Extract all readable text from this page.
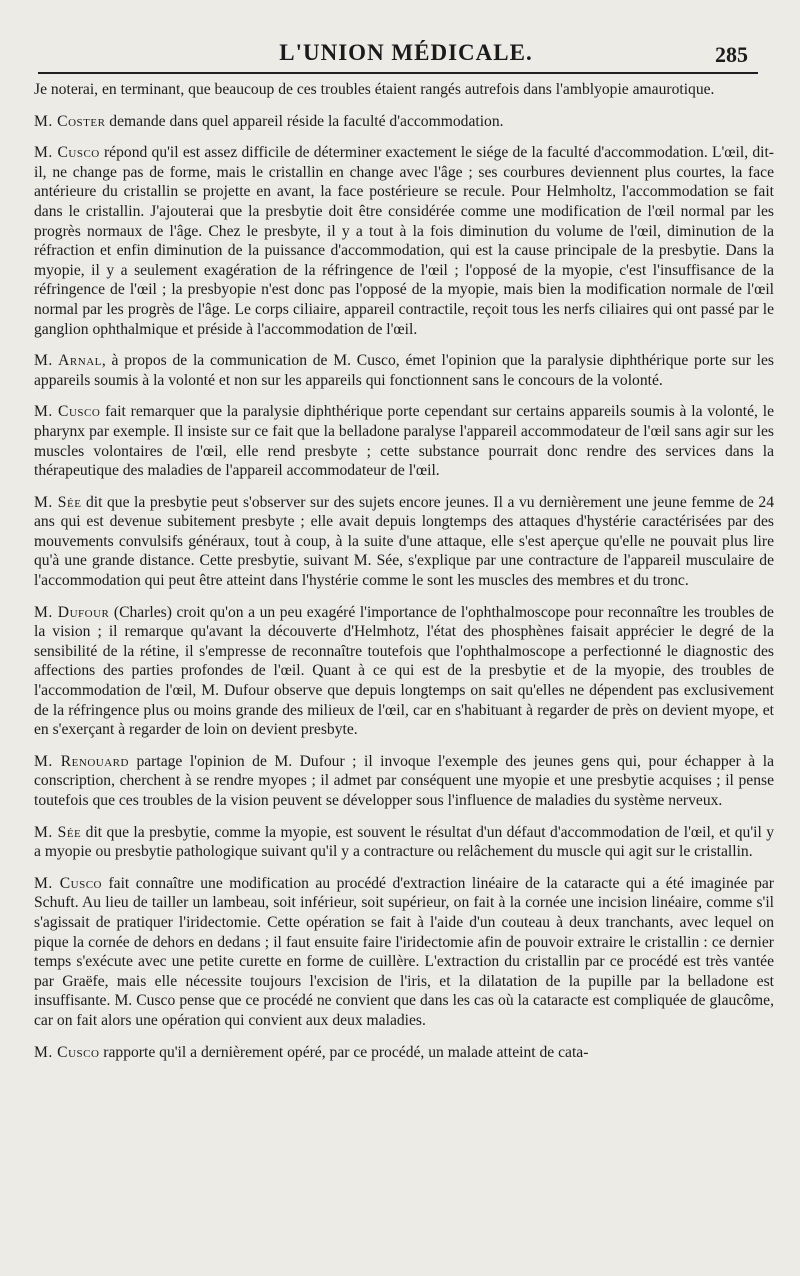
L'UNION MÉDICALE.	285

Je noterai, en terminant, que beaucoup de ces troubles étaient rangés autrefois dans l'amblyopie amaurotique.

M. Coster demande dans quel appareil réside la faculté d'accommodation.

M. Cusco répond qu'il est assez difficile de déterminer exactement le siége de la faculté d'accommodation. L'œil, dit-il, ne change pas de forme, mais le cristallin en change avec l'âge ; ses courbures deviennent plus courtes, la face antérieure du cristallin se projette en avant, la face postérieure se recule. Pour Helmholtz, l'accommodation se fait dans le cristallin. J'ajouterai que la presbytie doit être considérée comme une modification de l'œil normal par les progrès normaux de l'âge. Chez le presbyte, il y a tout à la fois diminution du volume de l'œil, diminution de la réfraction et enfin diminution de la puissance d'accommodation, qui est la cause principale de la presbytie. Dans la myopie, il y a seulement exagération de la réfringence de l'œil ; l'opposé de la myopie, c'est l'insuffisance de la réfringence de l'œil ; la presbyopie n'est donc pas l'opposé de la myopie, mais bien la modification normale de l'œil normal par les progrès de l'âge. Le corps ciliaire, appareil contractile, reçoit tous les nerfs ciliaires qui ont passé par le ganglion ophthalmique et préside à l'accommodation de l'œil.

M. Arnal, à propos de la communication de M. Cusco, émet l'opinion que la paralysie diphthérique porte sur les appareils soumis à la volonté et non sur les appareils qui fonctionnent sans le concours de la volonté.

M. Cusco fait remarquer que la paralysie diphthérique porte cependant sur certains appareils soumis à la volonté, le pharynx par exemple. Il insiste sur ce fait que la belladone paralyse l'appareil accommodateur de l'œil sans agir sur les muscles volontaires de l'œil, elle rend presbyte ; cette substance pourrait donc rendre des services dans la thérapeutique des maladies de l'appareil accommodateur de l'œil.

M. Sée dit que la presbytie peut s'observer sur des sujets encore jeunes. Il a vu dernièrement une jeune femme de 24 ans qui est devenue subitement presbyte ; elle avait depuis longtemps des attaques d'hystérie caractérisées par des mouvements convulsifs généraux, tout à coup, à la suite d'une attaque, elle s'est aperçue qu'elle ne pouvait plus lire qu'à une grande distance. Cette presbytie, suivant M. Sée, s'explique par une contracture de l'appareil musculaire de l'accommodation qui peut être atteint dans l'hystérie comme le sont les muscles des membres et du tronc.

M. Dufour (Charles) croit qu'on a un peu exagéré l'importance de l'ophthalmoscope pour reconnaître les troubles de la vision ; il remarque qu'avant la découverte d'Helmhotz, l'état des phosphènes faisait apprécier le degré de la sensibilité de la rétine, il s'empresse de reconnaître toutefois que l'ophthalmoscope a perfectionné le diagnostic des affections des parties profondes de l'œil. Quant à ce qui est de la presbytie et de la myopie, des troubles de l'accommodation de l'œil, M. Dufour observe que depuis longtemps on sait qu'elles ne dépendent pas exclusivement de la réfringence plus ou moins grande des milieux de l'œil, car en s'habituant à regarder de près on devient myope, et en s'exerçant à regarder de loin on devient presbyte.

M. Renouard partage l'opinion de M. Dufour ; il invoque l'exemple des jeunes gens qui, pour échapper à la conscription, cherchent à se rendre myopes ; il admet par conséquent une myopie et une presbytie acquises ; il pense toutefois que ces troubles de la vision peuvent se développer sous l'influence de maladies du système nerveux.

M. Sée dit que la presbytie, comme la myopie, est souvent le résultat d'un défaut d'accommodation de l'œil, et qu'il y a myopie ou presbytie pathologique suivant qu'il y a contracture ou relâchement du muscle qui agit sur le cristallin.

M. Cusco fait connaître une modification au procédé d'extraction linéaire de la cataracte qui a été imaginée par Schuft. Au lieu de tailler un lambeau, soit inférieur, soit supérieur, on fait à la cornée une incision linéaire, comme s'il s'agissait de pratiquer l'iridectomie. Cette opération se fait à l'aide d'un couteau à deux tranchants, avec lequel on pique la cornée de dehors en dedans ; il faut ensuite faire l'iridectomie afin de pouvoir extraire le cristallin : ce dernier temps s'exécute avec une petite curette en forme de cuillère. L'extraction du cristallin par ce procédé est très vantée par Graëfe, mais elle nécessite toujours l'excision de l'iris, et la dilatation de la pupille par la belladone est insuffisante. M. Cusco pense que ce procédé ne convient que dans les cas où la cataracte est compliquée de glaucôme, car on fait alors une opération qui convient aux deux maladies.

M. Cusco rapporte qu'il a dernièrement opéré, par ce procédé, un malade atteint de cata-
